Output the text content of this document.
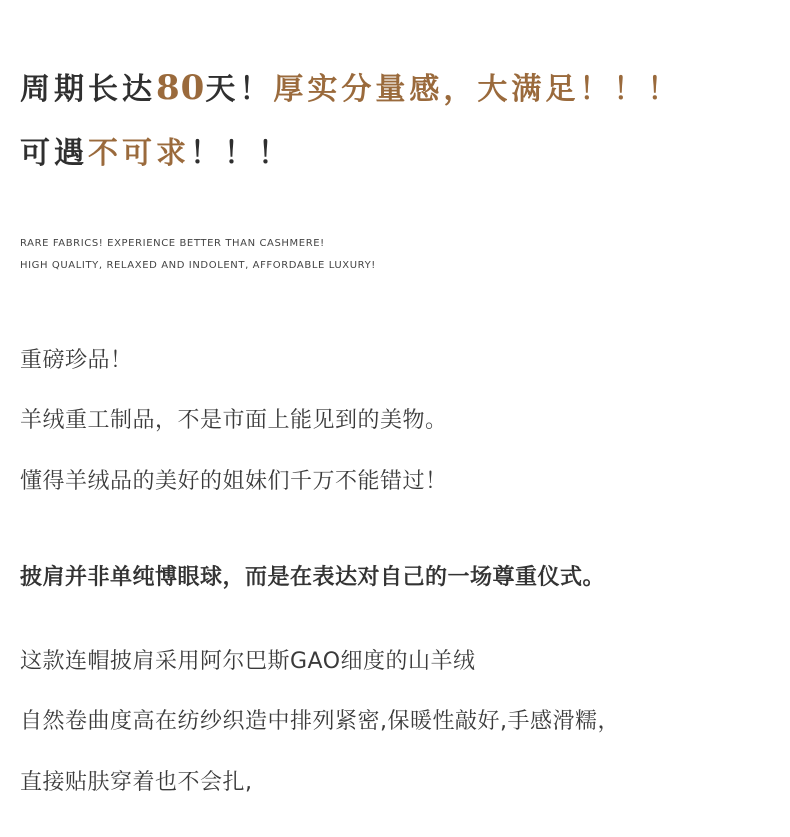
周期长达80天！厚实分量感，大满足！！！
可遇不可求！！！
RARE FABRICS! EXPERIENCE BETTER THAN CASHMERE!
HIGH QUALITY, RELAXED AND INDOLENT, AFFORDABLE LUXURY!
重磅珍品！
羊绒重工制品，不是市面上能见到的美物。
懂得羊绒品的美好的姐妹们千万不能错过！
披肩并非单纯博眼球，而是在表达对自己的一场尊重仪式。
这款连帽披肩采用阿尔巴斯GAO细度的山羊绒
自然卷曲度高在纺纱织造中排列紧密,保暖性敲好,手感滑糯，
直接贴肤穿着也不会扎,
